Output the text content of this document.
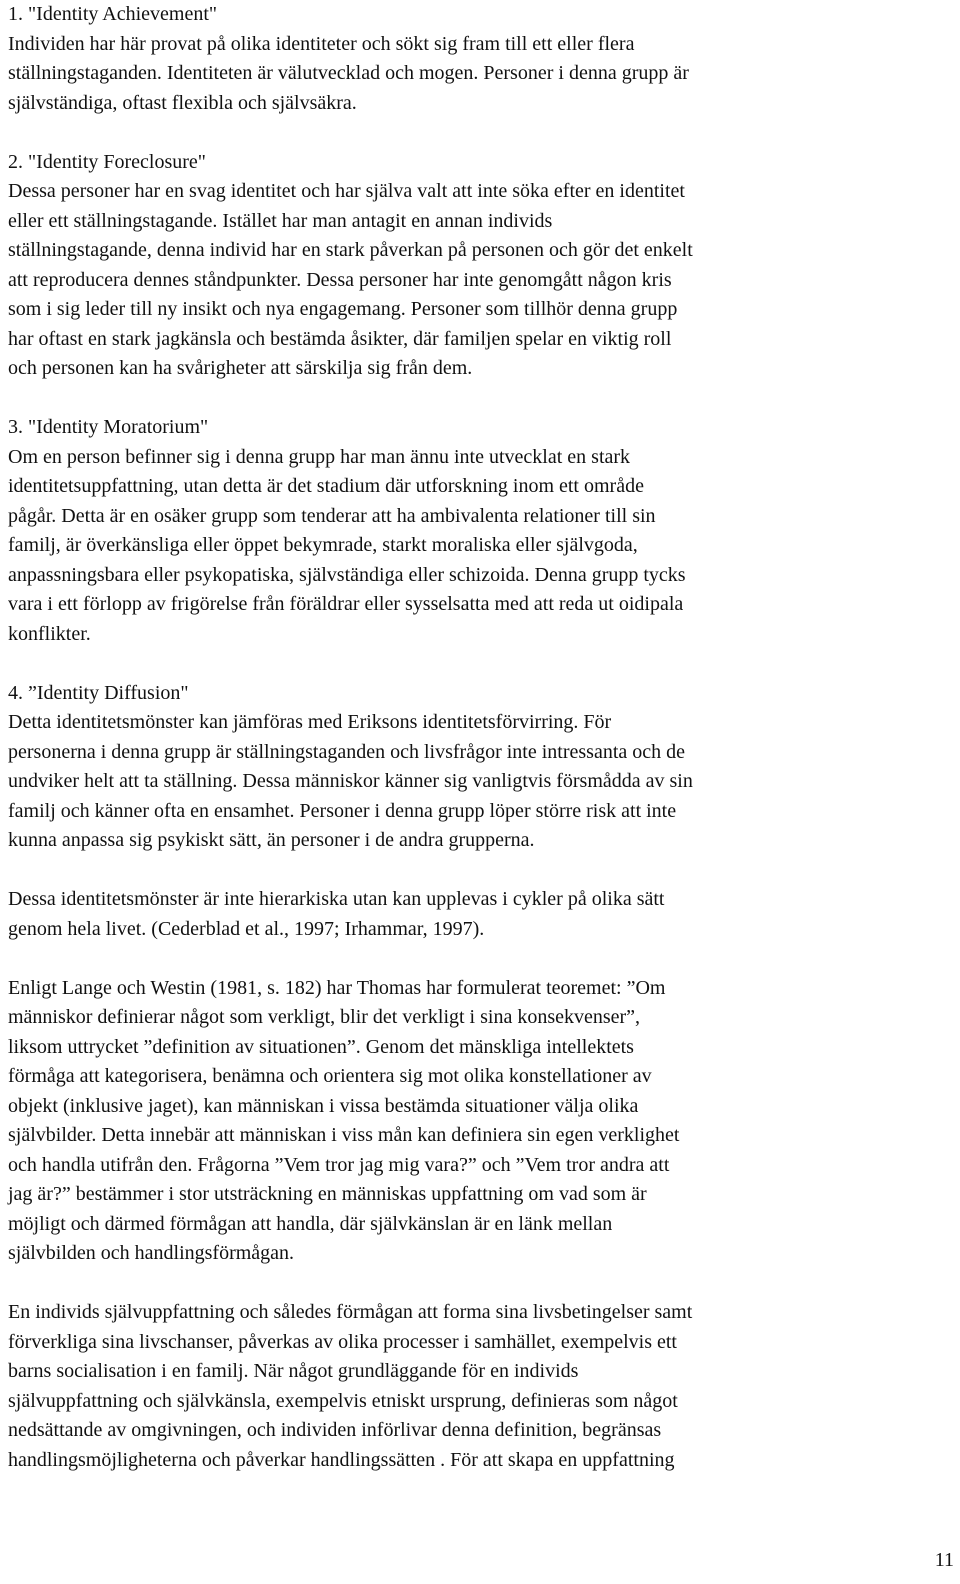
1. "Identity Achievement"
Individen har här provat på olika identiteter och sökt sig fram till ett eller flera
ställningstaganden. Identiteten är välutvecklad och mogen. Personer i denna grupp är
självständiga, oftast flexibla och självsäkra.
2. "Identity Foreclosure"
Dessa personer har en svag identitet och har själva valt att inte söka efter en identitet
eller ett ställningstagande. Istället har man antagit en annan individs
ställningstagande, denna individ har en stark påverkan på personen och gör det enkelt
att reproducera dennes ståndpunkter. Dessa personer har inte genomgått någon kris
som i sig leder till ny insikt och nya engagemang. Personer som tillhör denna grupp
har oftast en stark jagkänsla och bestämda åsikter, där familjen spelar en viktig roll
och personen kan ha svårigheter att särskilja sig från dem.
3. "Identity Moratorium"
Om en person befinner sig i denna grupp har man ännu inte utvecklat en stark
identitetsuppfattning, utan detta är det stadium där utforskning inom ett område
pågår. Detta är en osäker grupp som tenderar att ha ambivalenta relationer till sin
familj, är överkänsliga eller öppet bekymrade, starkt moraliska eller självgoda,
anpassningsbara eller psykopatiska, självständiga eller schizoida. Denna grupp tycks
vara i ett förlopp av frigörelse från föräldrar eller sysselsatta med att reda ut oidipala
konflikter.
4. ”Identity Diffusion"
Detta identitetsmönster kan jämföras med Eriksons identitetsförvirring. För
personerna i denna grupp är ställningstaganden och livsfrågor inte intressanta och de
undviker helt att ta ställning. Dessa människor känner sig vanligtvis försmådda av sin
familj och känner ofta en ensamhet. Personer i denna grupp löper större risk att inte
kunna anpassa sig psykiskt sätt, än personer i de andra grupperna.
Dessa identitetsmönster är inte hierarkiska utan kan upplevas i cykler på olika sätt
genom hela livet. (Cederblad et al., 1997; Irhammar, 1997).
Enligt Lange och Westin (1981, s. 182) har Thomas har formulerat teoremet: ”Om
människor definierar något som verkligt, blir det verkligt i sina konsekvenser”,
liksom uttrycket ”definition av situationen”. Genom det mänskliga intellektets
förmåga att kategorisera, benämna och orientera sig mot olika konstellationer av
objekt (inklusive jaget), kan människan i vissa bestämda situationer välja olika
självbilder. Detta innebär att människan i viss mån kan definiera sin egen verklighet
och handla utifrån den. Frågorna ”Vem tror jag mig vara?” och ”Vem tror andra att
jag är?” bestämmer i stor utsträckning en människas uppfattning om vad som är
möjligt och därmed förmågan att handla, där självkänslan är en länk mellan
självbilden och handlingsförmågan.
En individs självuppfattning och således förmågan att forma sina livsbetingelser samt
förverkliga sina livschanser, påverkas av olika processer i samhället, exempelvis ett
barns socialisation i en familj. När något grundläggande för en individs
självuppfattning och självkänsla, exempelvis etniskt ursprung, definieras som något
nedsättande av omgivningen, och individen införlivar denna definition, begränsas
handlingsmöjligheterna och påverkar handlingssätten . För att skapa en uppfattning
11
